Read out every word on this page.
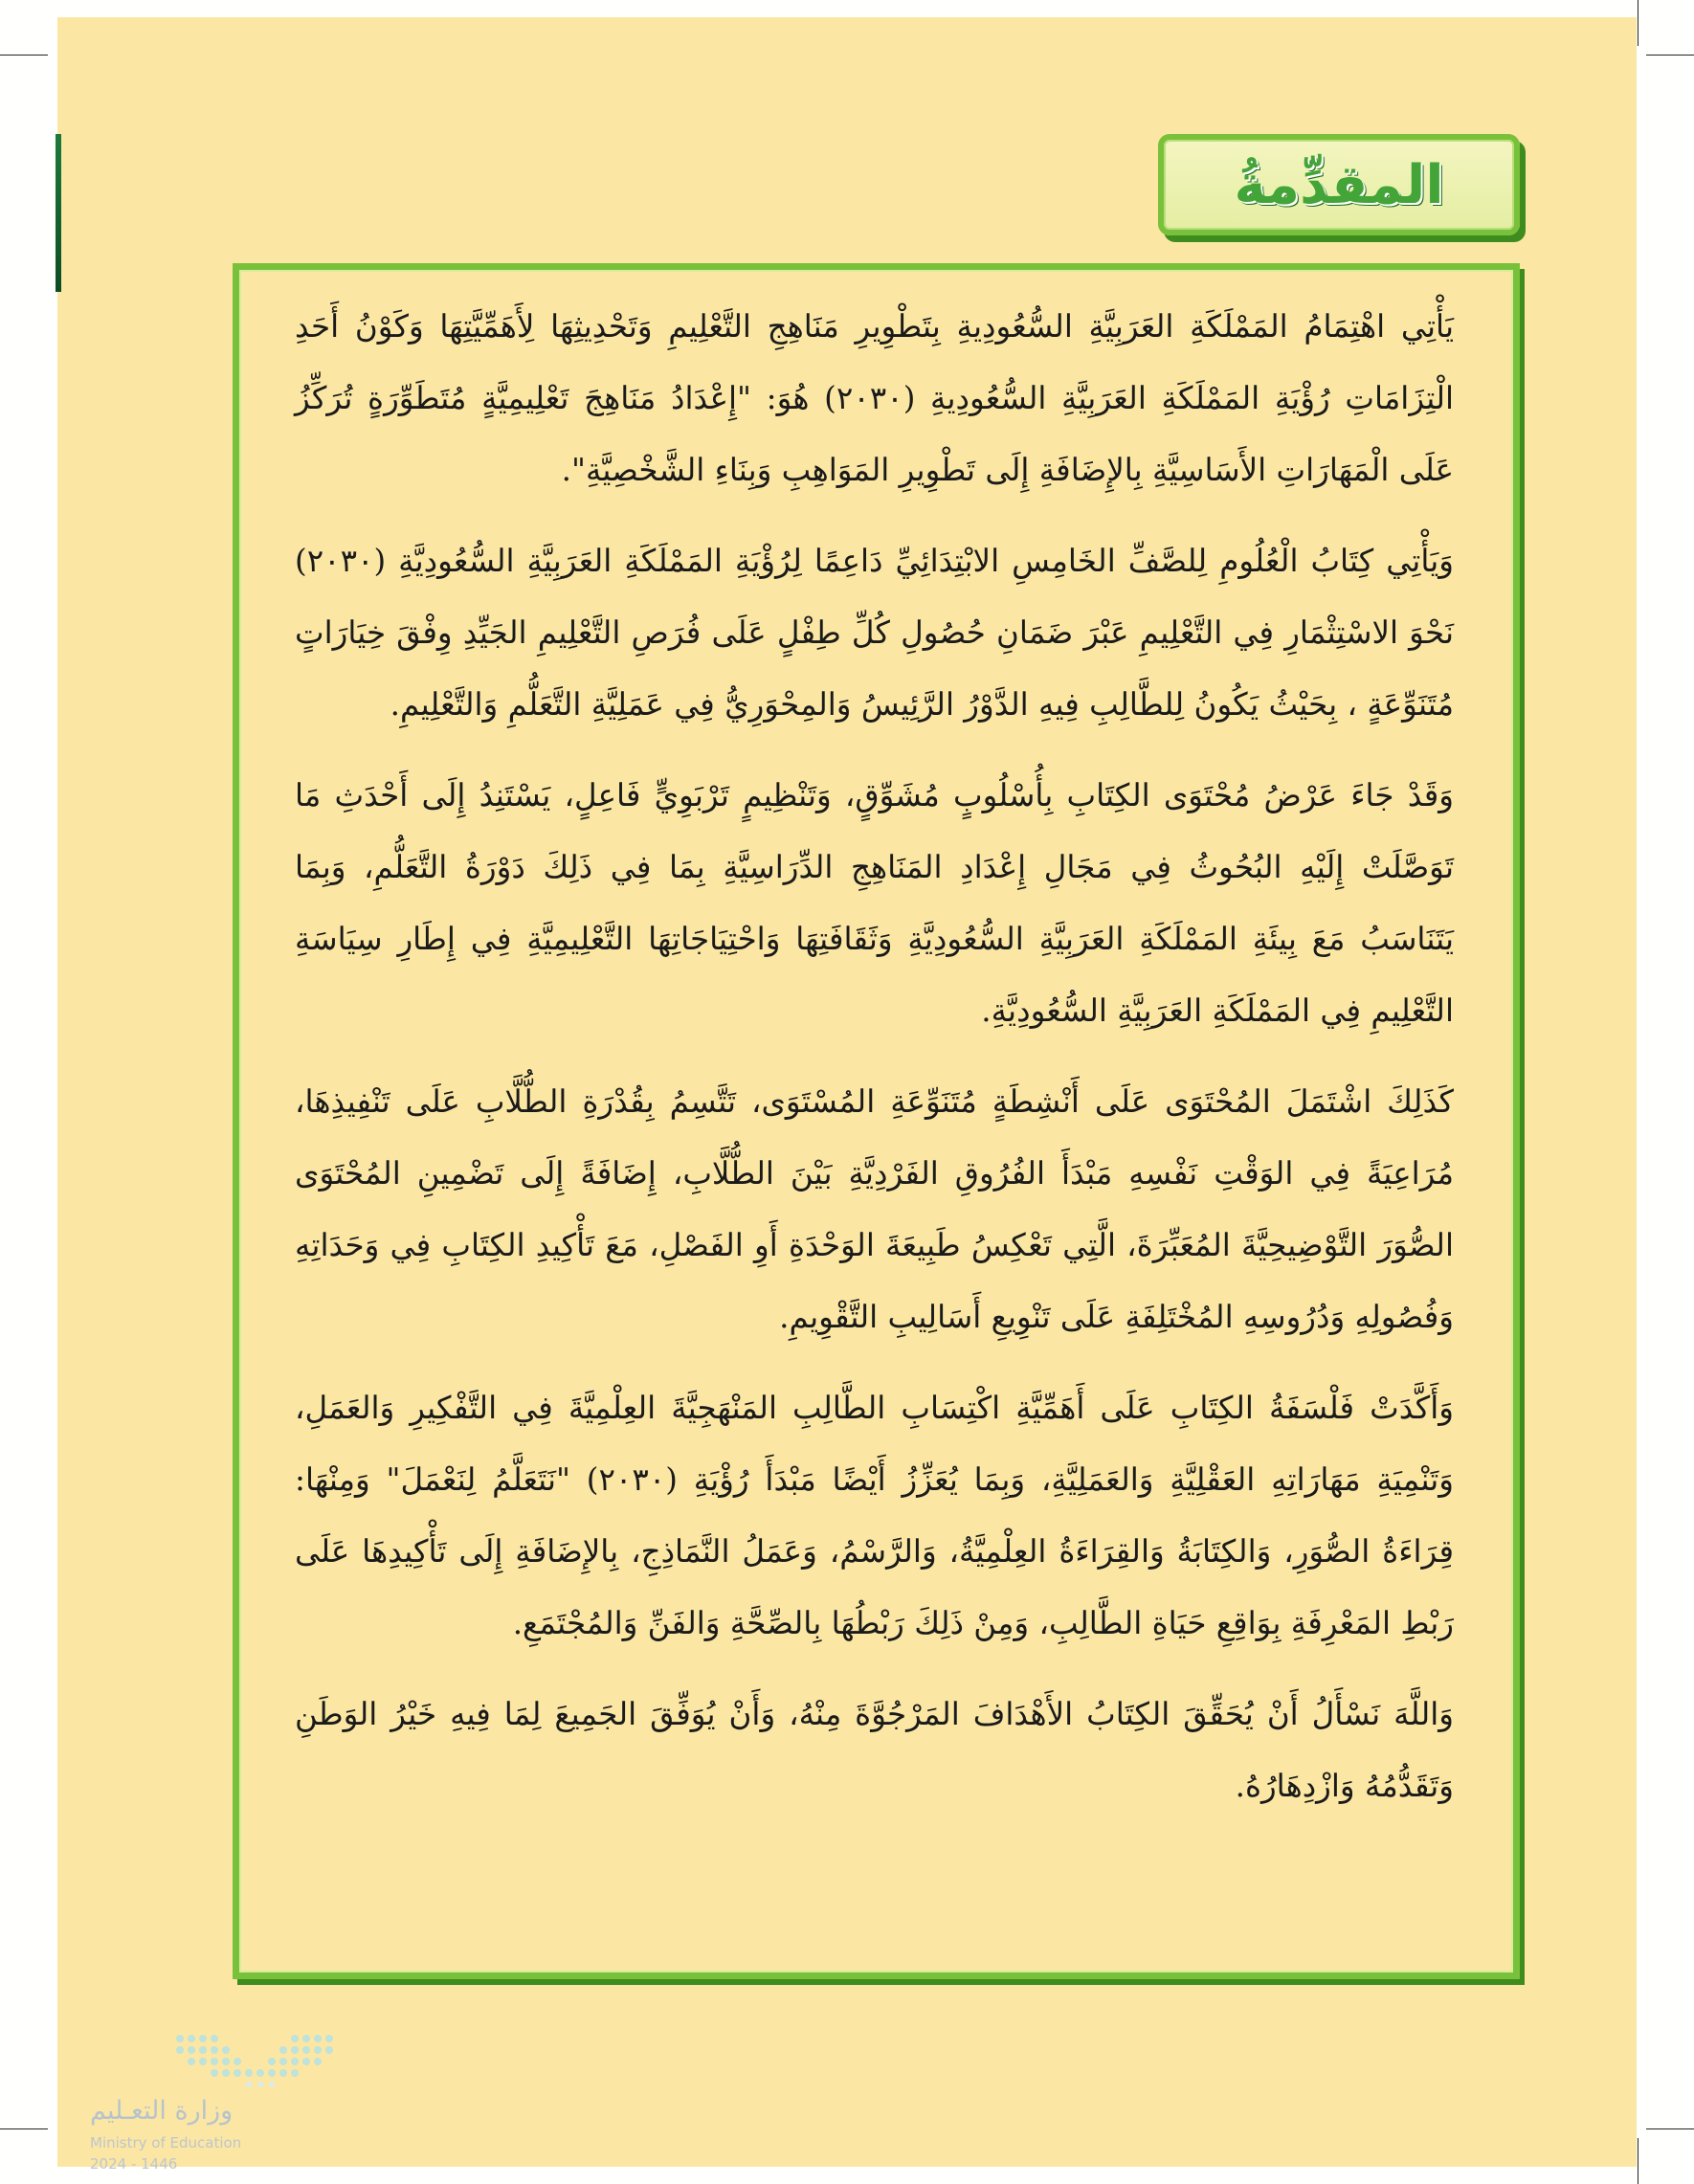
المقدِّمةُ

يَأْتِي اهْتِمَامُ المَمْلَكَةِ العَرَبِيَّةِ السُّعُودِيةِ بِتَطْوِيرِ مَنَاهِجِ التَّعْلِيمِ وَتَحْدِيثِهَا لِأَهَمِّيَّتِهَا وَكَوْنُ أَحَدِ الْتِزَامَاتِ رُؤْيَةِ المَمْلَكَةِ العَرَبِيَّةِ السُّعُودِيةِ (٢٠٣٠) هُوَ: "إِعْدَادُ مَنَاهِجَ تَعْلِيمِيَّةٍ مُتَطَوِّرَةٍ تُرَكِّزُ عَلَى الْمَهَارَاتِ الأَسَاسِيَّةِ بِالإِضَافَةِ إِلَى تَطْوِيرِ المَوَاهِبِ وَبِنَاءِ الشَّخْصِيَّةِ".

وَيَأْتِي كِتَابُ الْعُلُومِ لِلصَّفِّ الخَامِسِ الابْتِدَائِيِّ دَاعِمًا لِرُؤْيَةِ المَمْلَكَةِ العَرَبِيَّةِ السُّعُودِيَّةِ (٢٠٣٠) نَحْوَ الاسْتِثْمَارِ فِي التَّعْلِيمِ عَبْرَ ضَمَانِ حُصُولِ كُلِّ طِفْلٍ عَلَى فُرَصِ التَّعْلِيمِ الجَيِّدِ وِفْقَ خِيَارَاتٍ مُتَنَوِّعَةٍ ، بِحَيْثُ يَكُونُ لِلطَّالِبِ فِيهِ الدَّوْرُ الرَّئِيسُ وَالمِحْوَرِيُّ فِي عَمَلِيَّةِ التَّعَلُّمِ وَالتَّعْلِيمِ.

وَقَدْ جَاءَ عَرْضُ مُحْتَوَى الكِتَابِ بِأُسْلُوبٍ مُشَوِّقٍ، وَتَنْظِيمٍ تَرْبَوِيٍّ فَاعِلٍ، يَسْتَنِدُ إِلَى أَحْدَثِ مَا تَوَصَّلَتْ إِلَيْهِ البُحُوثُ فِي مَجَالِ إِعْدَادِ المَنَاهِجِ الدِّرَاسِيَّةِ بِمَا فِي ذَلِكَ دَوْرَةُ التَّعَلُّمِ، وَبِمَا يَتَنَاسَبُ مَعَ بِيئَةِ المَمْلَكَةِ العَرَبِيَّةِ السُّعُودِيَّةِ وَثَقَافَتِهَا وَاحْتِيَاجَاتِهَا التَّعْلِيمِيَّةِ فِي إِطَارِ سِيَاسَةِ التَّعْلِيمِ فِي المَمْلَكَةِ العَرَبِيَّةِ السُّعُودِيَّةِ.

كَذَلِكَ اشْتَمَلَ المُحْتَوَى عَلَى أَنْشِطَةٍ مُتَنَوِّعَةِ المُسْتَوَى، تَتَّسِمُ بِقُدْرَةِ الطُّلَّابِ عَلَى تَنْفِيذِهَا، مُرَاعِيَةً فِي الوَقْتِ نَفْسِهِ مَبْدَأَ الفُرُوقِ الفَرْدِيَّةِ بَيْنَ الطُّلَّابِ، إِضَافَةً إِلَى تَضْمِينِ المُحْتَوَى الصُّوَرَ التَّوْضِيحِيَّةَ المُعَبِّرَةَ، الَّتِي تَعْكِسُ طَبِيعَةَ الوَحْدَةِ أَوِ الفَصْلِ، مَعَ تَأْكِيدِ الكِتَابِ فِي وَحَدَاتِهِ وَفُصُولِهِ وَدُرُوسِهِ المُخْتَلِفَةِ عَلَى تَنْوِيعِ أَسَالِيبِ التَّقْوِيمِ.

وَأَكَّدَتْ فَلْسَفَةُ الكِتَابِ عَلَى أَهَمِّيَّةِ اكْتِسَابِ الطَّالِبِ المَنْهَجِيَّةَ العِلْمِيَّةَ فِي التَّفْكِيرِ وَالعَمَلِ، وَتَنْمِيَةِ مَهَارَاتِهِ العَقْلِيَّةِ وَالعَمَلِيَّةِ، وَبِمَا يُعَزِّزُ أَيْضًا مَبْدَأَ رُؤْيَةِ (٢٠٣٠) "نَتَعَلَّمُ لِنَعْمَلَ" وَمِنْهَا: قِرَاءَةُ الصُّوَرِ، وَالكِتَابَةُ وَالقِرَاءَةُ العِلْمِيَّةُ، وَالرَّسْمُ، وَعَمَلُ النَّمَاذِجِ، بِالإِضَافَةِ إِلَى تَأْكِيدِهَا عَلَى رَبْطِ المَعْرِفَةِ بِوَاقِعِ حَيَاةِ الطَّالِبِ، وَمِنْ ذَلِكَ رَبْطُهَا بِالصِّحَّةِ وَالفَنِّ وَالمُجْتَمَعِ.

وَاللَّهَ نَسْأَلُ أَنْ يُحَقِّقَ الكِتَابُ الأَهْدَافَ المَرْجُوَّةَ مِنْهُ، وَأَنْ يُوَفِّقَ الجَمِيعَ لِمَا فِيهِ خَيْرُ الوَطَنِ وَتَقَدُّمُهُ وَازْدِهَارُهُ.

وزارة التعـليم
Ministry of Education
2024 - 1446
